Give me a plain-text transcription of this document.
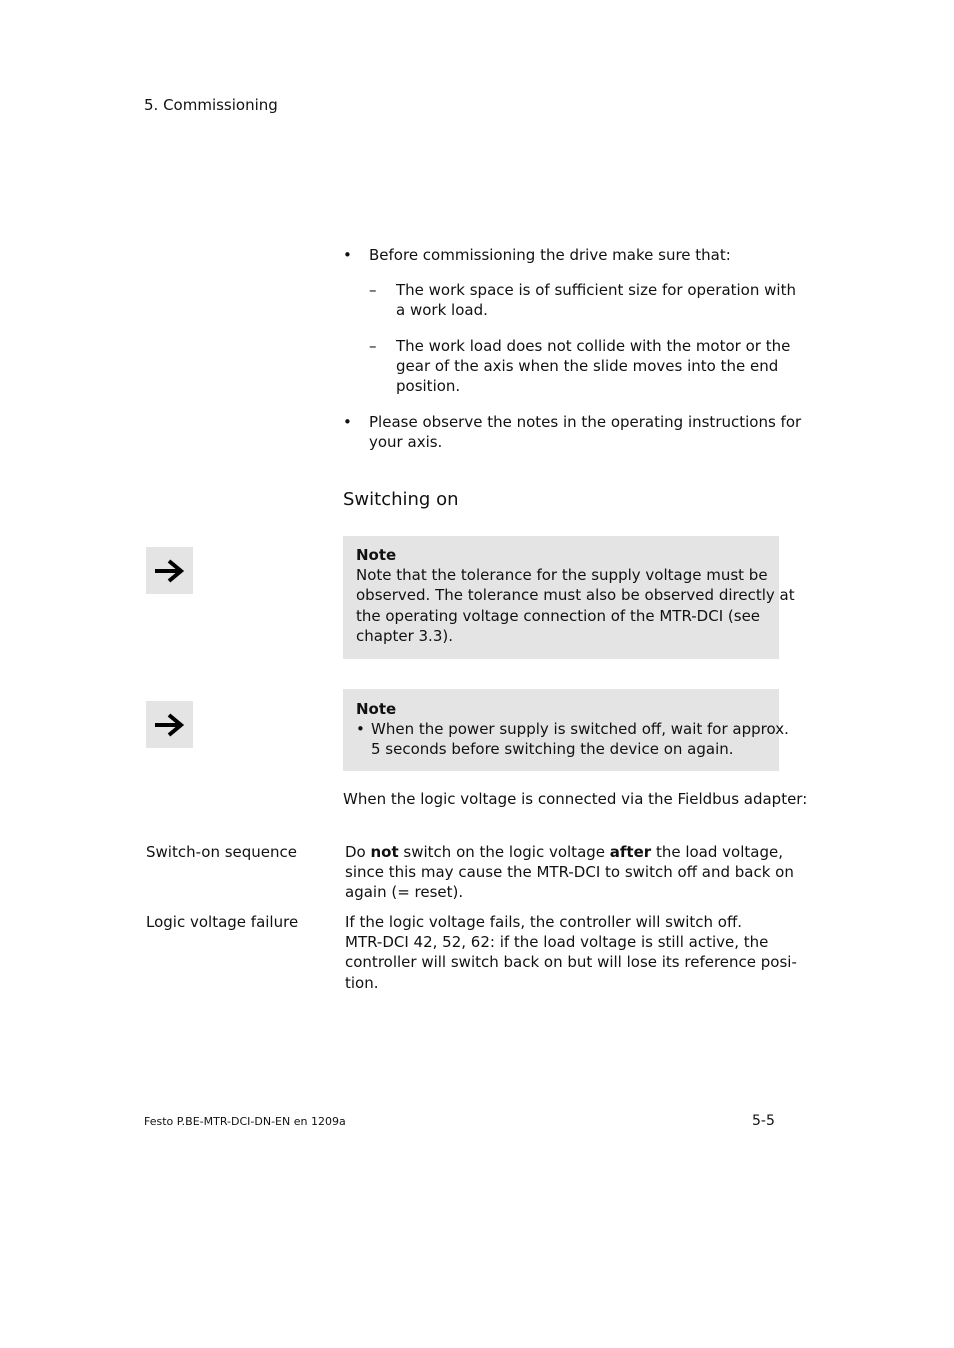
5. Commissioning
• Before commissioning the drive make sure that:
– The work space is of sufficient size for operation with
a work load.
– The work load does not collide with the motor or the
gear of the axis when the slide moves into the end
position.
• Please observe the notes in the operating instructions for
your axis.
Switching on
Note
Note that the tolerance for the supply voltage must be
observed. The tolerance must also be observed directly at
the operating voltage connection of the MTR-DCI (see
chapter 3.3).
Note
• When the power supply is switched off, wait for approx.
5 seconds before switching the device on again.
When the logic voltage is connected via the Fieldbus adapter:
Switch-on sequence	Do not switch on the logic voltage after the load voltage,
since this may cause the MTR-DCI to switch off and back on
again (= reset).
Logic voltage failure	If the logic voltage fails, the controller will switch off.
MTR-DCI 42, 52, 62: if the load voltage is still active, the
controller will switch back on but will lose its reference posi-
tion.
Festo P.BE-MTR-DCI-DN-EN en 1209a	5-5
